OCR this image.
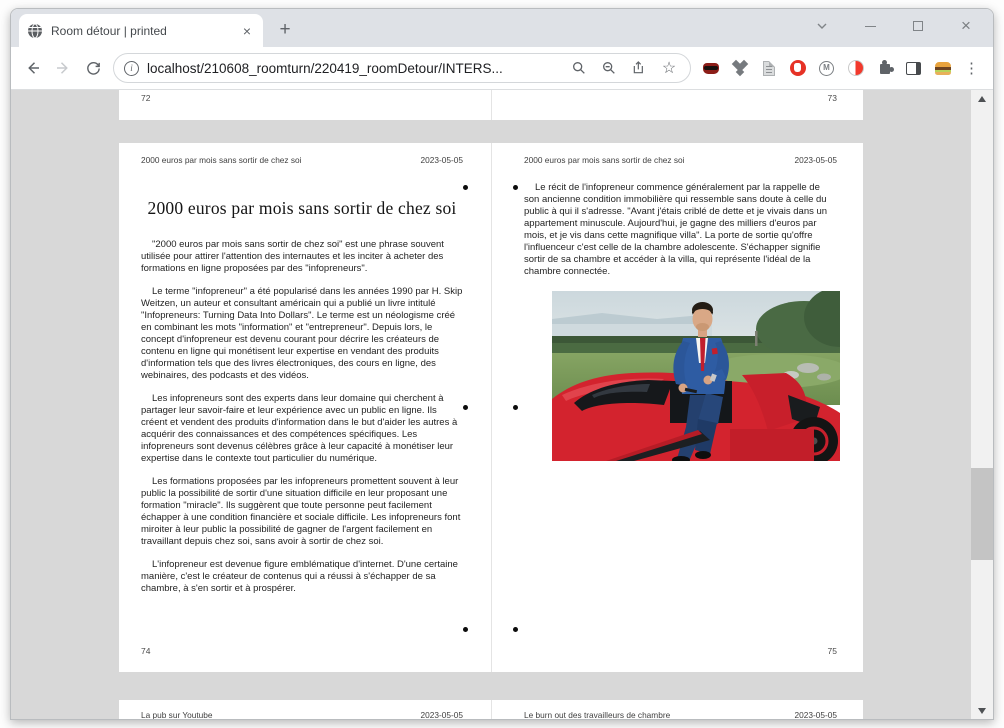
Room détour | printed	×	+	×
i	localhost/210608_roomturn/220419_roomDetour/INTERS...	☆	M	⋮
72	73
2000 euros par mois sans sortir de chez soi	2023-05-05
2000 euros par mois sans sortir de chez soi

"2000 euros par mois sans sortir de chez soi" est une phrase souvent utilisée pour attirer l'attention des internautes et les inciter à acheter des formations en ligne proposées par des "infopreneurs".

Le terme "infopreneur" a été popularisé dans les années 1990 par H. Skip Weitzen, un auteur et consultant américain qui a publié un livre intitulé "Infopreneurs: Turning Data Into Dollars". Le terme est un néologisme créé en combinant les mots "information" et "entrepreneur". Depuis lors, le concept d'infopreneur est devenu courant pour décrire les créateurs de contenu en ligne qui monétisent leur expertise en vendant des produits d'information tels que des livres électroniques, des cours en ligne, des webinaires, des podcasts et des vidéos.

Les infopreneurs sont des experts dans leur domaine qui cherchent à partager leur savoir-faire et leur expérience avec un public en ligne. Ils créent et vendent des produits d'information dans le but d'aider les autres à acquérir des connaissances et des compétences spécifiques. Les infopreneurs sont devenus célèbres grâce à leur capacité à monétiser leur expertise dans le contexte tout particulier du numérique.

Les formations proposées par les infopreneurs promettent souvent à leur public la possibilité de sortir d'une situation difficile en leur proposant une formation "miracle". Ils suggèrent que toute personne peut facilement échapper à une condition financière et sociale difficile. Les infopreneurs font miroiter à leur public la possibilité de gagner de l'argent facilement en travaillant depuis chez soi, sans avoir à sortir de chez soi.

L'infopreneur est devenue figure emblématique d'internet. D'une certaine manière, c'est le créateur de contenus qui a réussi à s'échapper de sa chambre, à s'en sortir et à prospérer.

74
2000 euros par mois sans sortir de chez soi	2023-05-05

Le récit de l'infopreneur commence généralement par la rappelle de son ancienne condition immobilière qui ressemble sans doute à celle du public à qui il s'adresse. "Avant j'étais criblé de dette et je vivais dans un appartement minuscule. Aujourd'hui, je gagne des milliers d'euros par mois, et je vis dans cette magnifique villa". La porte de sortie qu'offre l'influenceur c'est celle de la chambre adolescente. S'échapper signifie sortir de sa chambre et accéder à la villa, qui représente l'idéal de la chambre connectée.

75
La pub sur Youtube	2023-05-05	Le burn out des travailleurs de chambre	2023-05-05
